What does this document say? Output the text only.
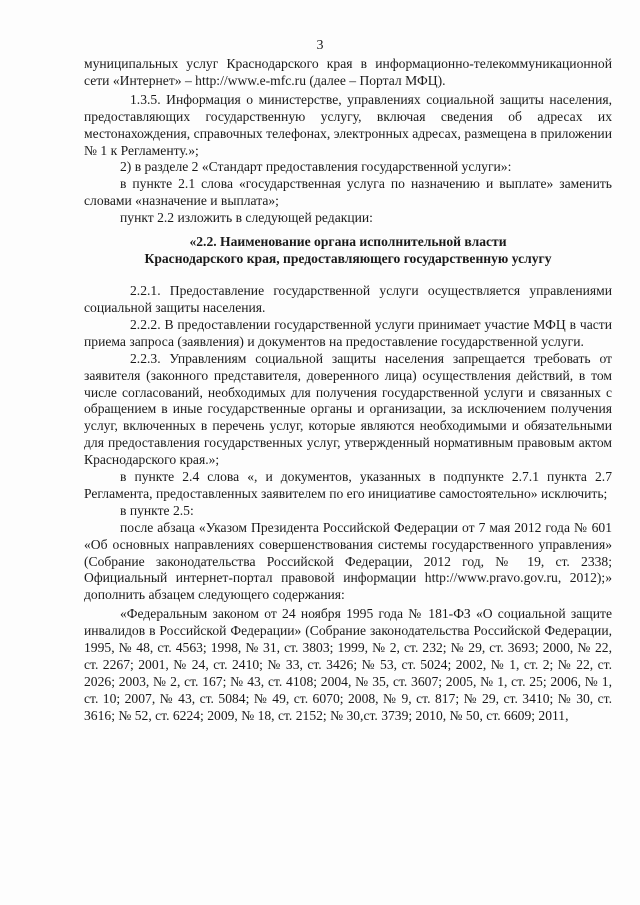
3

муниципальных услуг Краснодарского края в информационно-телекоммуникационной сети «Интернет» – http://www.e-mfc.ru (далее – Портал МФЦ).

1.3.5. Информация о министерстве, управлениях социальной защиты населения, предоставляющих государственную услугу, включая сведения об адресах их местонахождения, справочных телефонах, электронных адресах, размещена в приложении № 1 к Регламенту.»;

2) в разделе 2 «Стандарт предоставления государственной услуги»:

в пункте 2.1 слова «государственная услуга по назначению и выплате» заменить словами «назначение и выплата»;

пункт 2.2 изложить в следующей редакции:

«2.2. Наименование органа исполнительной власти

Краснодарского края, предоставляющего государственную услугу

2.2.1. Предоставление государственной услуги осуществляется управлениями социальной защиты населения.

2.2.2. В предоставлении государственной услуги принимает участие МФЦ в части приема запроса (заявления) и документов на предоставление государственной услуги.

2.2.3. Управлениям социальной защиты населения запрещается требовать от заявителя (законного представителя, доверенного лица) осуществления действий, в том числе согласований, необходимых для получения государственной услуги и связанных с обращением в иные государственные органы и организации, за исключением получения услуг, включенных в перечень услуг, которые являются необходимыми и обязательными для предоставления государственных услуг, утвержденный нормативным правовым актом Краснодарского края.»;

в пункте 2.4 слова «, и документов, указанных в подпункте 2.7.1 пункта 2.7 Регламента, предоставленных заявителем по его инициативе самостоятельно» исключить;

в пункте 2.5:

после абзаца «Указом Президента Российской Федерации от 7 мая 2012 года № 601 «Об основных направлениях совершенствования системы государственного управления» (Собрание законодательства Российской Федерации, 2012 год, № 19, ст. 2338; Официальный интернет-портал правовой информации http://www.pravo.gov.ru, 2012);» дополнить абзацем следующего содержания:

«Федеральным законом от 24 ноября 1995 года № 181-ФЗ «О социальной защите инвалидов в Российской Федерации» (Собрание законодательства Российской Федерации, 1995, № 48, ст. 4563; 1998, № 31, ст. 3803; 1999, № 2, ст. 232; № 29, ст. 3693; 2000, № 22, ст. 2267; 2001, № 24, ст. 2410; № 33, ст. 3426; № 53, ст. 5024; 2002, № 1, ст. 2; № 22, ст. 2026; 2003, № 2, ст. 167; № 43, ст. 4108; 2004, № 35, ст. 3607; 2005, № 1, ст. 25; 2006, № 1, ст. 10; 2007, № 43, ст. 5084; № 49, ст. 6070; 2008, № 9, ст. 817; № 29, ст. 3410; № 30, ст. 3616; № 52, ст. 6224; 2009, № 18, ст. 2152; № 30,ст. 3739; 2010, № 50, ст. 6609; 2011,
